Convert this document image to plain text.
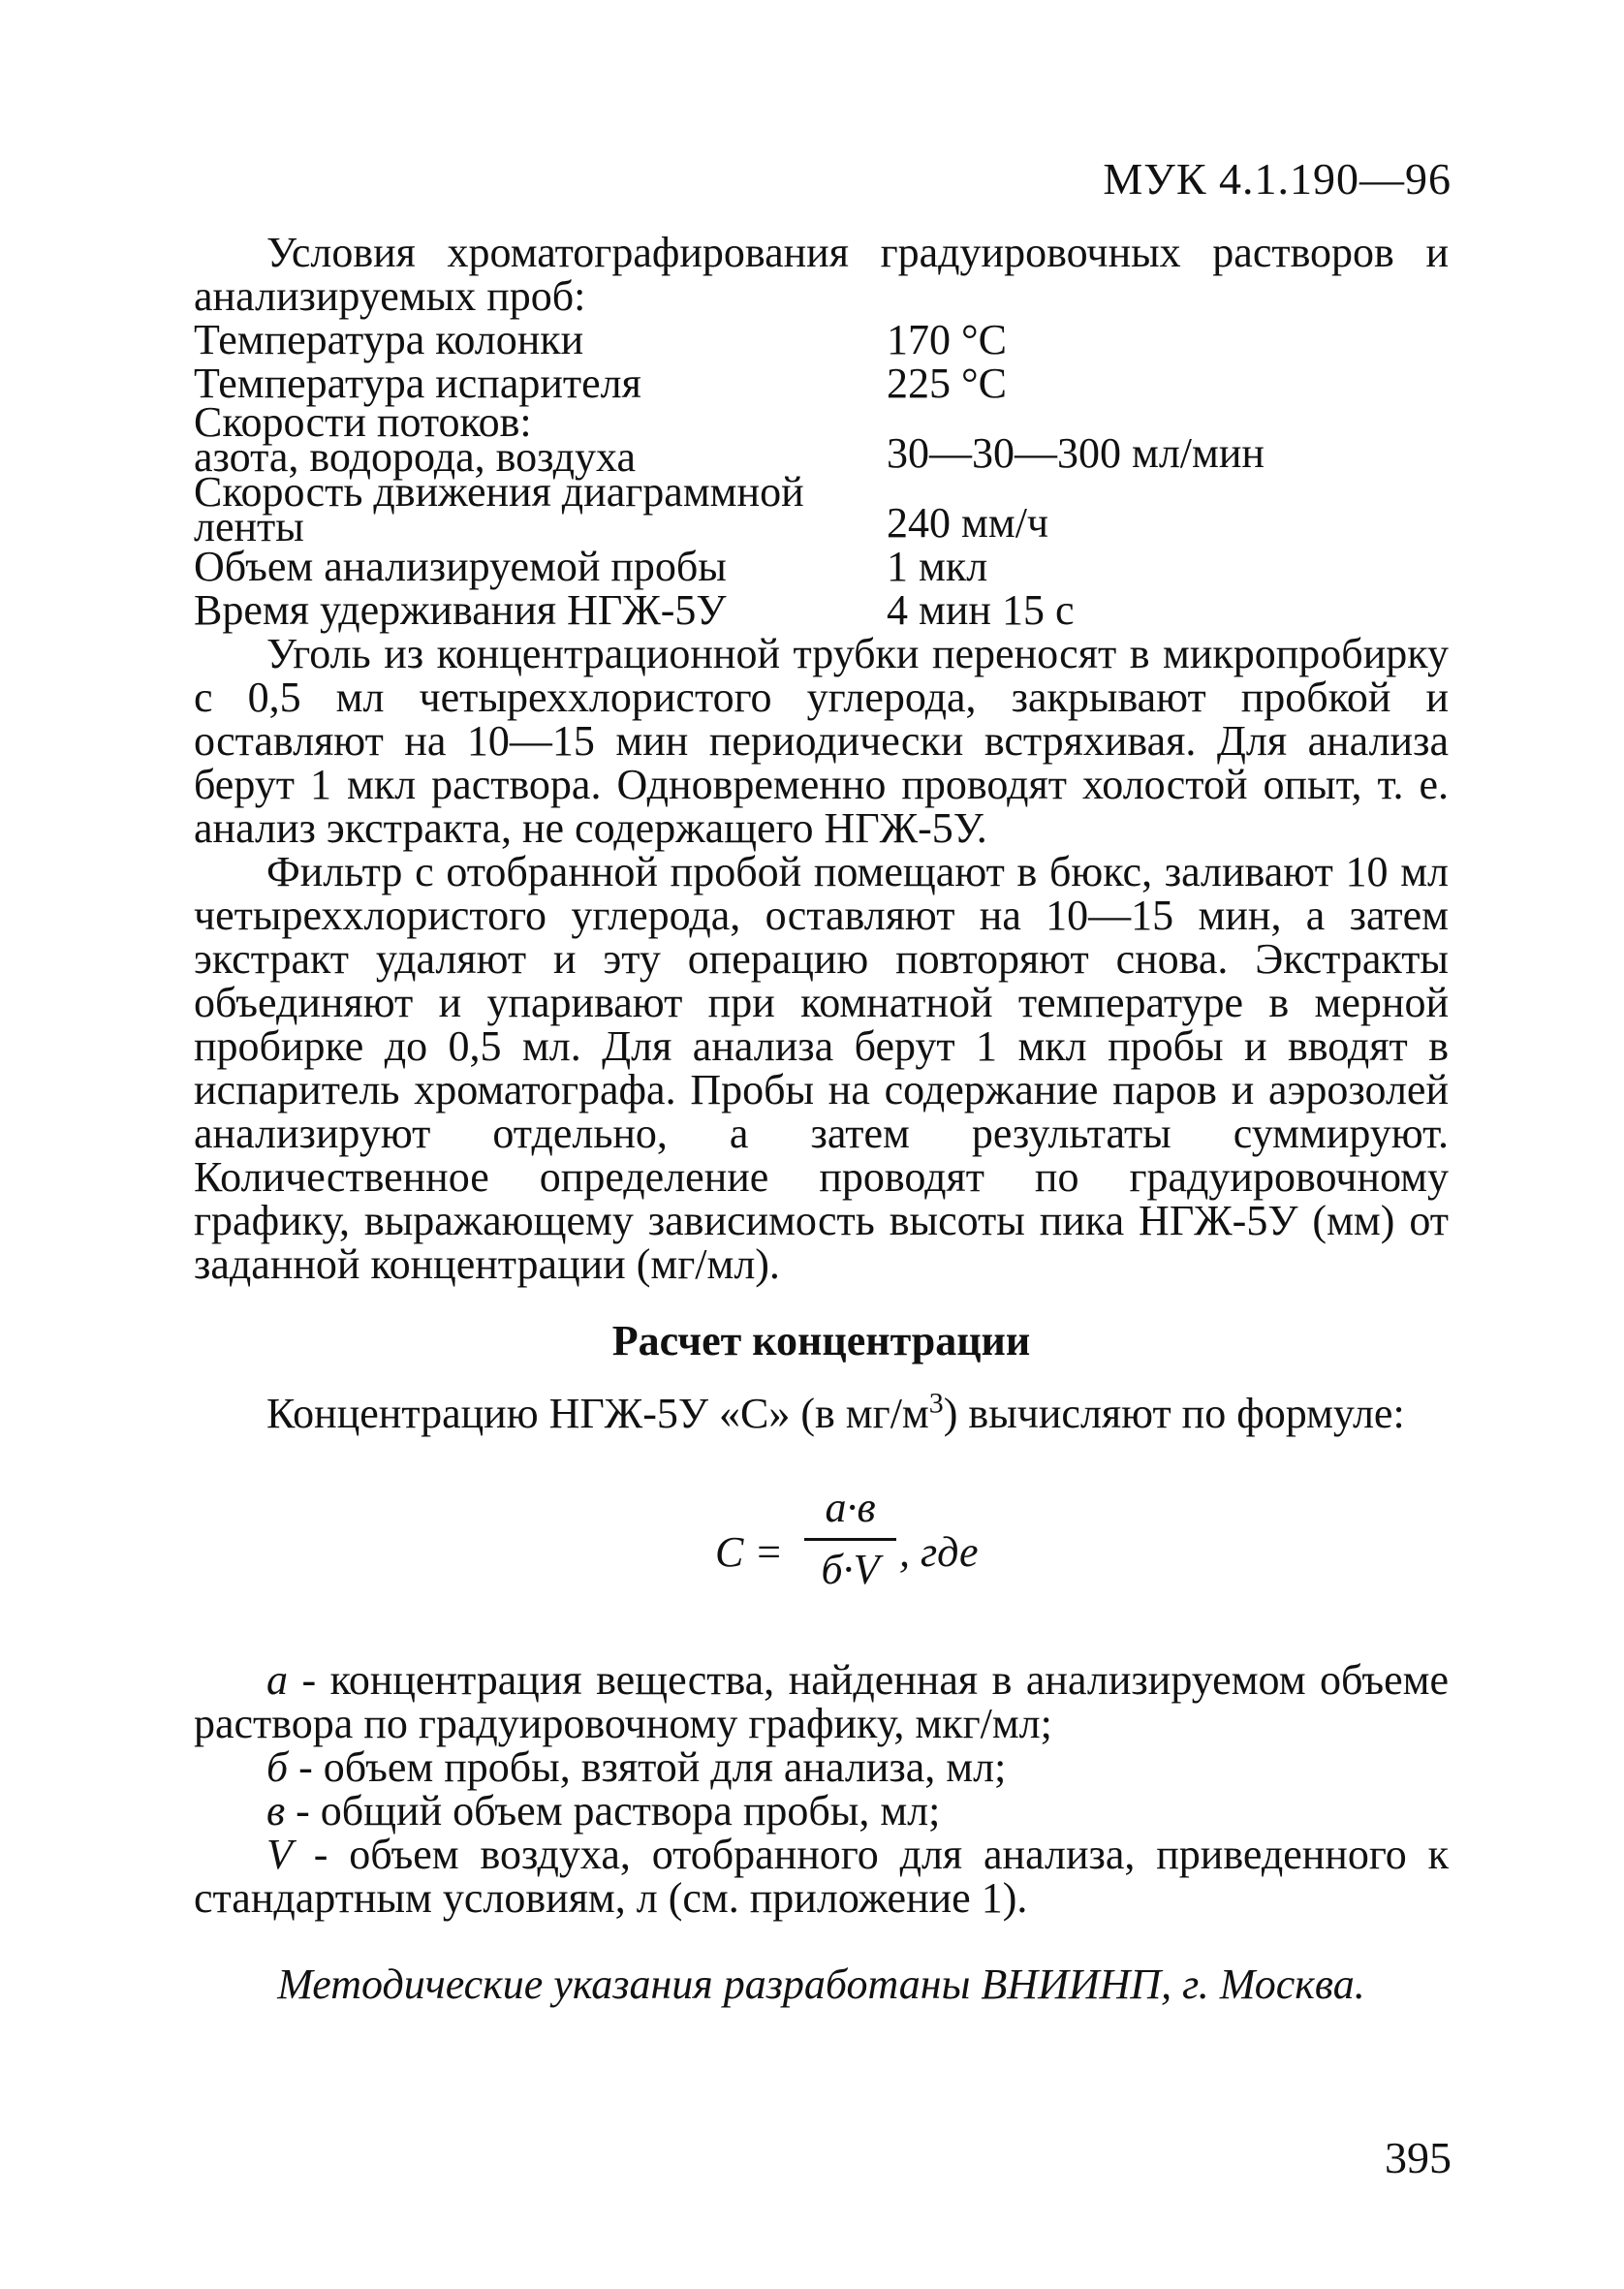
МУК 4.1.190—96

Условия хроматографирования градуировочных растворов и анализируемых проб:

Температура колонки	170 °С
Температура испарителя	225 °С
Скорости потоков:
азота, водорода, воздуха	30—30—300 мл/мин
Скорость движения диаграммной
ленты	240 мм/ч
Объем анализируемой пробы	1 мкл
Время удерживания НГЖ-5У	4 мин 15 с

Уголь из концентрационной трубки переносят в микропробирку с 0,5 мл четыреххлористого углерода, закрывают пробкой и оставляют на 10—15 мин периодически встряхивая. Для анализа берут 1 мкл раствора. Одновременно проводят холостой опыт, т. е. анализ экстракта, не содержащего НГЖ-5У.

Фильтр с отобранной пробой помещают в бюкс, заливают 10 мл четыреххлористого углерода, оставляют на 10—15 мин, а затем экстракт удаляют и эту операцию повторяют снова. Экстракты объединяют и упаривают при комнатной температуре в мерной пробирке до 0,5 мл. Для анализа берут 1 мкл пробы и вводят в испаритель хроматографа. Пробы на содержание паров и аэрозолей анализируют отдельно, а затем результаты суммируют. Количественное определение проводят по градуировочному графику, выражающему зависимость высоты пика НГЖ-5У (мм) от заданной концентрации (мг/мл).

Расчет концентрации

Концентрацию НГЖ-5У «С» (в $мг/м^3$) вычисляют по формуле:

С =
а·в
б·V , где

а - концентрация вещества, найденная в анализируемом объеме раствора по градуировочному графику, мкг/мл;

б - объем пробы, взятой для анализа, мл;

в - общий объем раствора пробы, мл;

V - объем воздуха, отобранного для анализа, приведенного к стандартным условиям, л (см. приложение 1).

Методические указания разработаны ВНИИНП, г. Москва.

395
